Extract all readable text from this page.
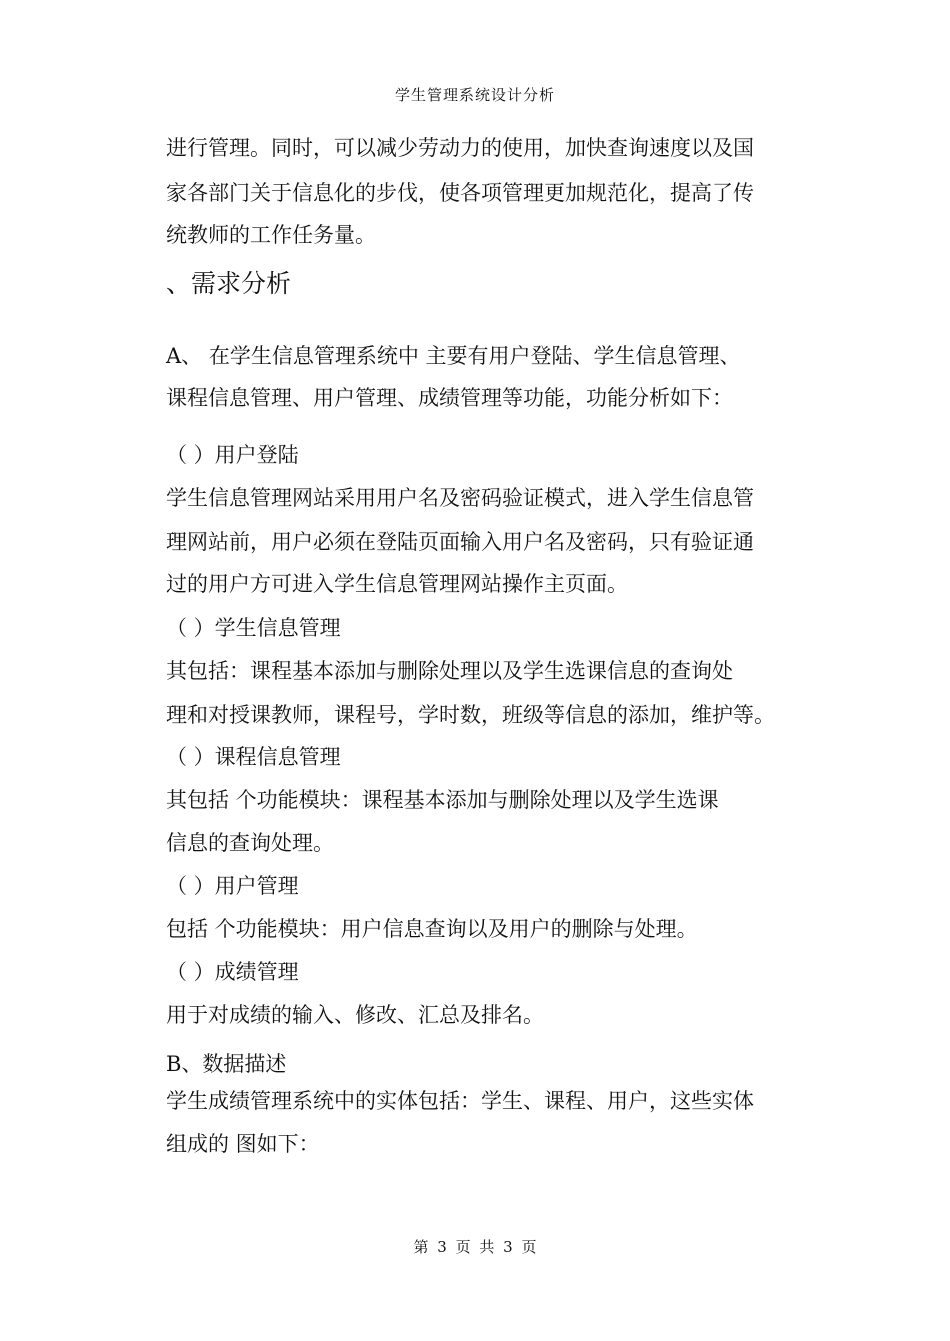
学生管理系统设计分析
进行管理。同时，可以减少劳动力的使用，加快查询速度以及国
家各部门关于信息化的步伐，使各项管理更加规范化，提高了传
统教师的工作任务量。
、需求分析
A、 在学生信息管理系统中 主要有用户登陆、学生信息管理、
课程信息管理、用户管理、成绩管理等功能，功能分析如下：
（ ）用户登陆
学生信息管理网站采用用户名及密码验证模式，进入学生信息管
理网站前，用户必须在登陆页面输入用户名及密码，只有验证通
过的用户方可进入学生信息管理网站操作主页面。
（ ）学生信息管理
其包括：课程基本添加与删除处理以及学生选课信息的查询处
理和对授课教师，课程号，学时数，班级等信息的添加，维护等。
（ ）课程信息管理
其包括 个功能模块：课程基本添加与删除处理以及学生选课
信息的查询处理。
（ ）用户管理
包括 个功能模块：用户信息查询以及用户的删除与处理。
（ ）成绩管理
用于对成绩的输入、修改、汇总及排名。
B、数据描述
学生成绩管理系统中的实体包括：学生、课程、用户，这些实体
组成的 图如下：
第 3 页 共 3 页
